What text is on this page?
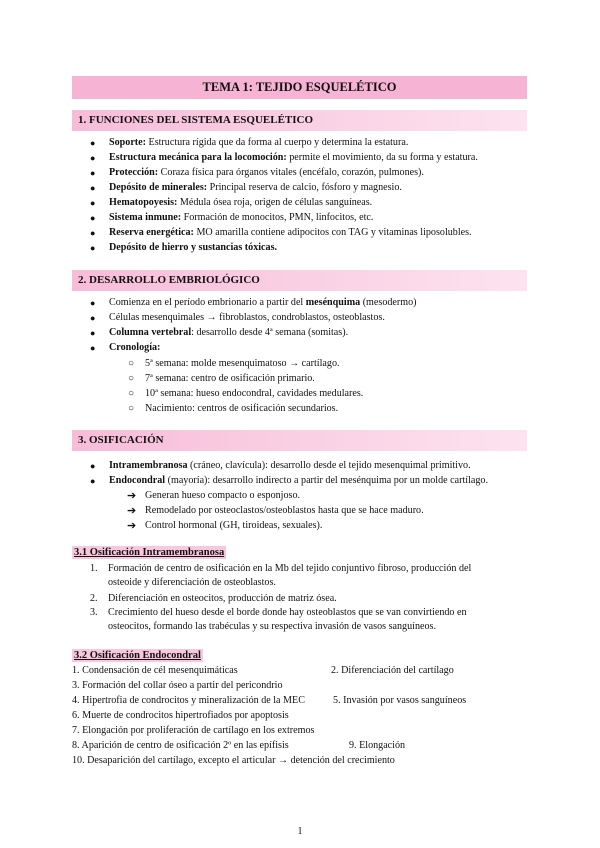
TEMA 1: TEJIDO ESQUELÉTICO
1. FUNCIONES DEL SISTEMA ESQUELÉTICO
● Soporte: Estructura rígida que da forma al cuerpo y determina la estatura.
● Estructura mecánica para la locomoción: permite el movimiento, da su forma y estatura.
● Protección: Coraza física para órganos vitales (encéfalo, corazón, pulmones).
● Depósito de minerales: Principal reserva de calcio, fósforo y magnesio.
● Hematopoyesis: Médula ósea roja, origen de células sanguíneas.
● Sistema inmune: Formación de monocitos, PMN, linfocitos, etc.
● Reserva energética: MO amarilla contiene adipocitos con TAG y vitaminas liposolubles.
● Depósito de hierro y sustancias tóxicas.
2. DESARROLLO EMBRIOLÓGICO
● Comienza en el período embrionario a partir del mesénquima (mesodermo)
● Células mesenquimales → fibroblastos, condroblastos, osteoblastos.
● Columna vertebral: desarrollo desde 4ª semana (somitas).
● Cronología:
○ 5ª semana: molde mesenquimatoso → cartílago.
○ 7ª semana: centro de osificación primario.
○ 10ª semana: hueso endocondral, cavidades medulares.
○ Nacimiento: centros de osificación secundarios.
3. OSIFICACIÓN
● Intramembranosa (cráneo, clavícula): desarrollo desde el tejido mesenquimal primitivo.
● Endocondral (mayoría): desarrollo indirecto a partir del mesénquima por un molde cartílago.
➔ Generan hueso compacto o esponjoso.
➔ Remodelado por osteoclastos/osteoblastos hasta que se hace maduro.
➔ Control hormonal (GH, tiroideas, sexuales).
3.1 Osificación Intramembranosa
1. Formación de centro de osificación en la Mb del tejido conjuntivo fibroso, producción del
osteoide y diferenciación de osteoblastos.
2. Diferenciación en osteocitos, producción de matriz ósea.
3. Crecimiento del hueso desde el borde donde hay osteoblastos que se van convirtiendo en
osteocitos, formando las trabéculas y su respectiva invasión de vasos sanguíneos.
3.2 Osificación Endocondral
1. Condensación de cél mesenquimáticas	2. Diferenciación del cartílago
3. Formación del collar óseo a partir del pericondrio
4. Hipertrofia de condrocitos y mineralización de la MEC	5. Invasión por vasos sanguíneos
6. Muerte de condrocitos hipertrofiados por apoptosis
7. Elongación por proliferación de cartílago en los extremos
8. Aparición de centro de osificación 2º en las epífisis	9. Elongación
10. Desaparición del cartílago, excepto el articular → detención del crecimiento
1
